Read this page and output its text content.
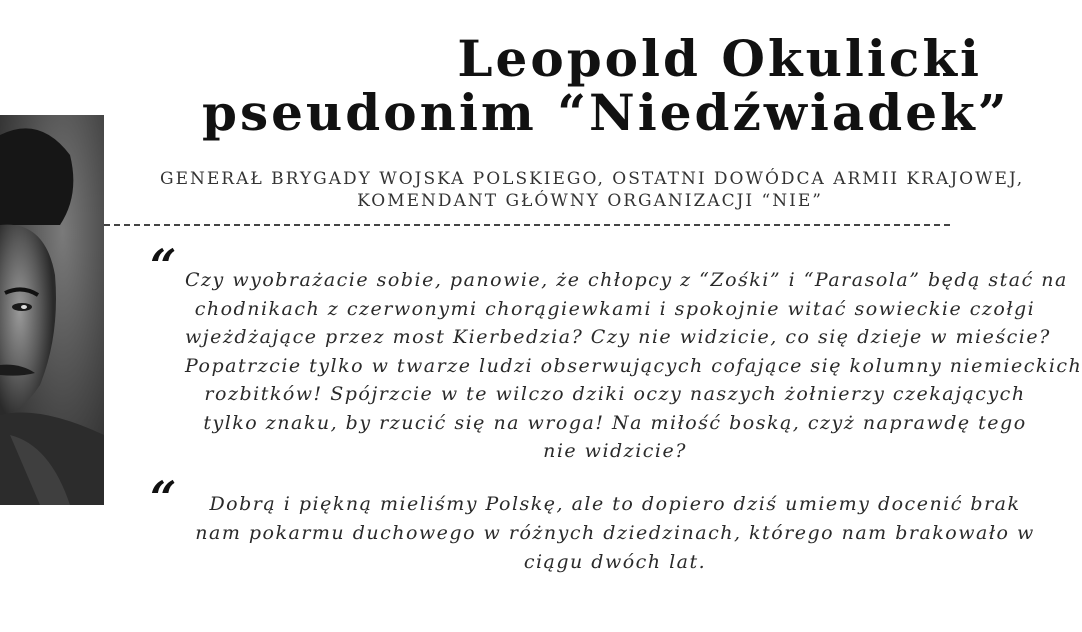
Leopold Okulicki
pseudonim “Niedźwiadek”
GENERAŁ BRYGADY WOJSKA POLSKIEGO, OSTATNI DOWÓDCA ARMII KRAJOWEJ,
KOMENDANT GŁÓWNY ORGANIZACJI “NIE”
“ Czy wyobrażacie sobie, panowie, że chłopcy z “Zośki” i “Parasola” będą stać na
chodnikach z czerwonymi chorągiewkami i spokojnie witać sowieckie czołgi
wjeżdżające przez most Kierbedzia? Czy nie widzicie, co się dzieje w mieście?
Popatrzcie tylko w twarze ludzi obserwujących cofające się kolumny niemieckich
rozbitków! Spójrzcie w te wilczo dziki oczy naszych żołnierzy czekających
tylko znaku, by rzucić się na wroga! Na miłość boską, czyż naprawdę tego
nie widzicie?
“	Dobrą i piękną mieliśmy Polskę, ale to dopiero dziś umiemy docenić brak
nam pokarmu duchowego w różnych dziedzinach, którego nam brakowało w
ciągu dwóch lat.
